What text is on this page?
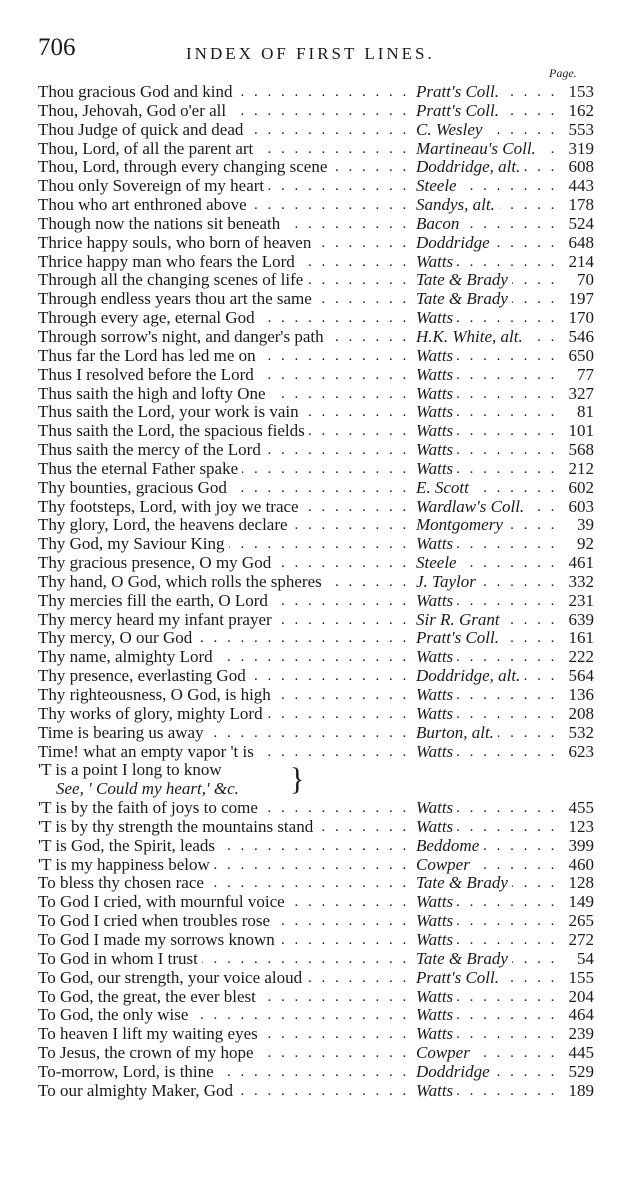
706	INDEX OF FIRST LINES.
Page.
Thou gracious God and kind . . .	Pratt's Coll. . . .	153
Thou, Jehovah, God o'er all . . .	Pratt's Coll. . . .	162
Thou Judge of quick and dead . . .	C. Wesley . . .	553
Thou, Lord, of all the parent art . . .	Martineau's Coll. . . .	319
Thou, Lord, through every changing scene . . .	Doddridge, alt. . . .	608
Thou only Sovereign of my heart . . .	Steele . . .	443
Thou who art enthroned above . . .	Sandys, alt. . . .	178
Though now the nations sit beneath . . .	Bacon . . .	524
Thrice happy souls, who born of heaven . . .	Doddridge . . .	648
Thrice happy man who fears the Lord . . .	Watts . . .	214
Through all the changing scenes of life . . .	Tate & Brady . . .	70
Through endless years thou art the same . . .	Tate & Brady . . .	197
Through every age, eternal God . . .	Watts . . .	170
Through sorrow's night, and danger's path . . .	H.K. White, alt. . . .	546
Thus far the Lord has led me on . . .	Watts . . .	650
Thus I resolved before the Lord . . .	Watts . . .	77
Thus saith the high and lofty One . . .	Watts . . .	327
Thus saith the Lord, your work is vain . . .	Watts . . .	81
Thus saith the Lord, the spacious fields . . .	Watts . . .	101
Thus saith the mercy of the Lord . . .	Watts . . .	568
Thus the eternal Father spake . . .	Watts . . .	212
Thy bounties, gracious God . . .	E. Scott . . .	602
Thy footsteps, Lord, with joy we trace . . .	Wardlaw's Coll. . . .	603
Thy glory, Lord, the heavens declare . . .	Montgomery . . .	39
Thy God, my Saviour King . . .	Watts . . .	92
Thy gracious presence, O my God . . .	Steele . . .	461
Thy hand, O God, which rolls the spheres . . .	J. Taylor . . .	332
Thy mercies fill the earth, O Lord . . .	Watts . . .	231
Thy mercy heard my infant prayer . . .	Sir R. Grant . . .	639
Thy mercy, O our God . . .	Pratt's Coll. . . .	161
Thy name, almighty Lord . . .	Watts . . .	222
Thy presence, everlasting God . . .	Doddridge, alt. . . .	564
Thy righteousness, O God, is high . . .	Watts . . .	136
Thy works of glory, mighty Lord . . .	Watts . . .	208
Time is bearing us away . . .	Burton, alt. . . .	532
Time! what an empty vapor 't is . . .	Watts . . .	623
'T is a point I long to know }
See, ' Could my heart,' &c.
'T is by the faith of joys to come . . .	Watts . . .	455
'T is by thy strength the mountains stand . . .	Watts . . .	123
'T is God, the Spirit, leads . . .	Beddome . . .	399
'T is my happiness below . . .	Cowper . . .	460
To bless thy chosen race . . .	Tate & Brady . . .	128
To God I cried, with mournful voice . . .	Watts . . .	149
To God I cried when troubles rose . . .	Watts . . .	265
To God I made my sorrows known . . .	Watts . . .	272
To God in whom I trust . . .	Tate & Brady . . .	54
To God, our strength, your voice aloud . . .	Pratt's Coll. . . .	155
To God, the great, the ever blest . . .	Watts . . .	204
To God, the only wise . . .	Watts . . .	464
To heaven I lift my waiting eyes . . .	Watts . . .	239
To Jesus, the crown of my hope . . .	Cowper . . .	445
To-morrow, Lord, is thine . . .	Doddridge . . .	529
To our almighty Maker, God . . .	Watts . . .	189
